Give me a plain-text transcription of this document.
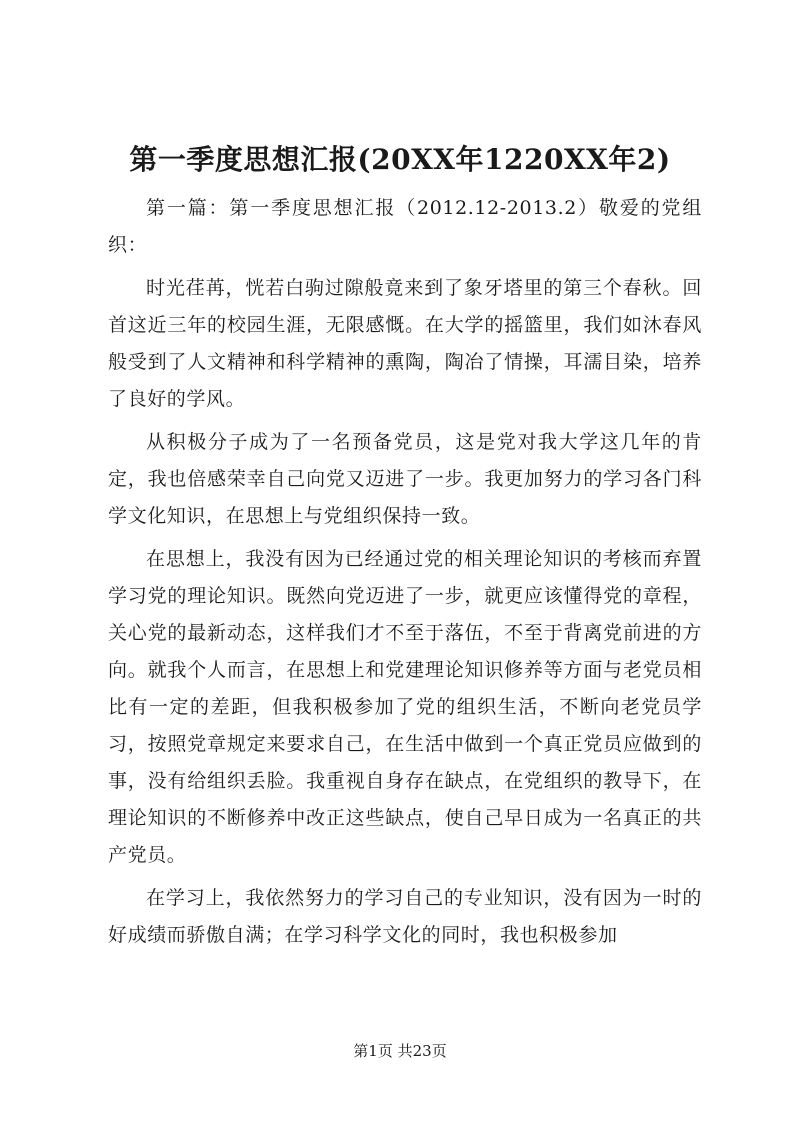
第一季度思想汇报(20XX年1220XX年2)

第一篇：第一季度思想汇报（2012.12-2013.2）敬爱的党组织：

时光荏苒，恍若白驹过隙般竟来到了象牙塔里的第三个春秋。回首这近三年的校园生涯，无限感慨。在大学的摇篮里，我们如沐春风般受到了人文精神和科学精神的熏陶，陶冶了情操，耳濡目染，培养了良好的学风。

从积极分子成为了一名预备党员，这是党对我大学这几年的肯定，我也倍感荣幸自己向党又迈进了一步。我更加努力的学习各门科学文化知识，在思想上与党组织保持一致。

在思想上，我没有因为已经通过党的相关理论知识的考核而弃置学习党的理论知识。既然向党迈进了一步，就更应该懂得党的章程，关心党的最新动态，这样我们才不至于落伍，不至于背离党前进的方向。就我个人而言，在思想上和党建理论知识修养等方面与老党员相比有一定的差距，但我积极参加了党的组织生活，不断向老党员学习，按照党章规定来要求自己，在生活中做到一个真正党员应做到的事，没有给组织丢脸。我重视自身存在缺点，在党组织的教导下，在理论知识的不断修养中改正这些缺点，使自己早日成为一名真正的共产党员。

在学习上，我依然努力的学习自己的专业知识，没有因为一时的好成绩而骄傲自满；在学习科学文化的同时，我也积极参加

第1页 共23页
